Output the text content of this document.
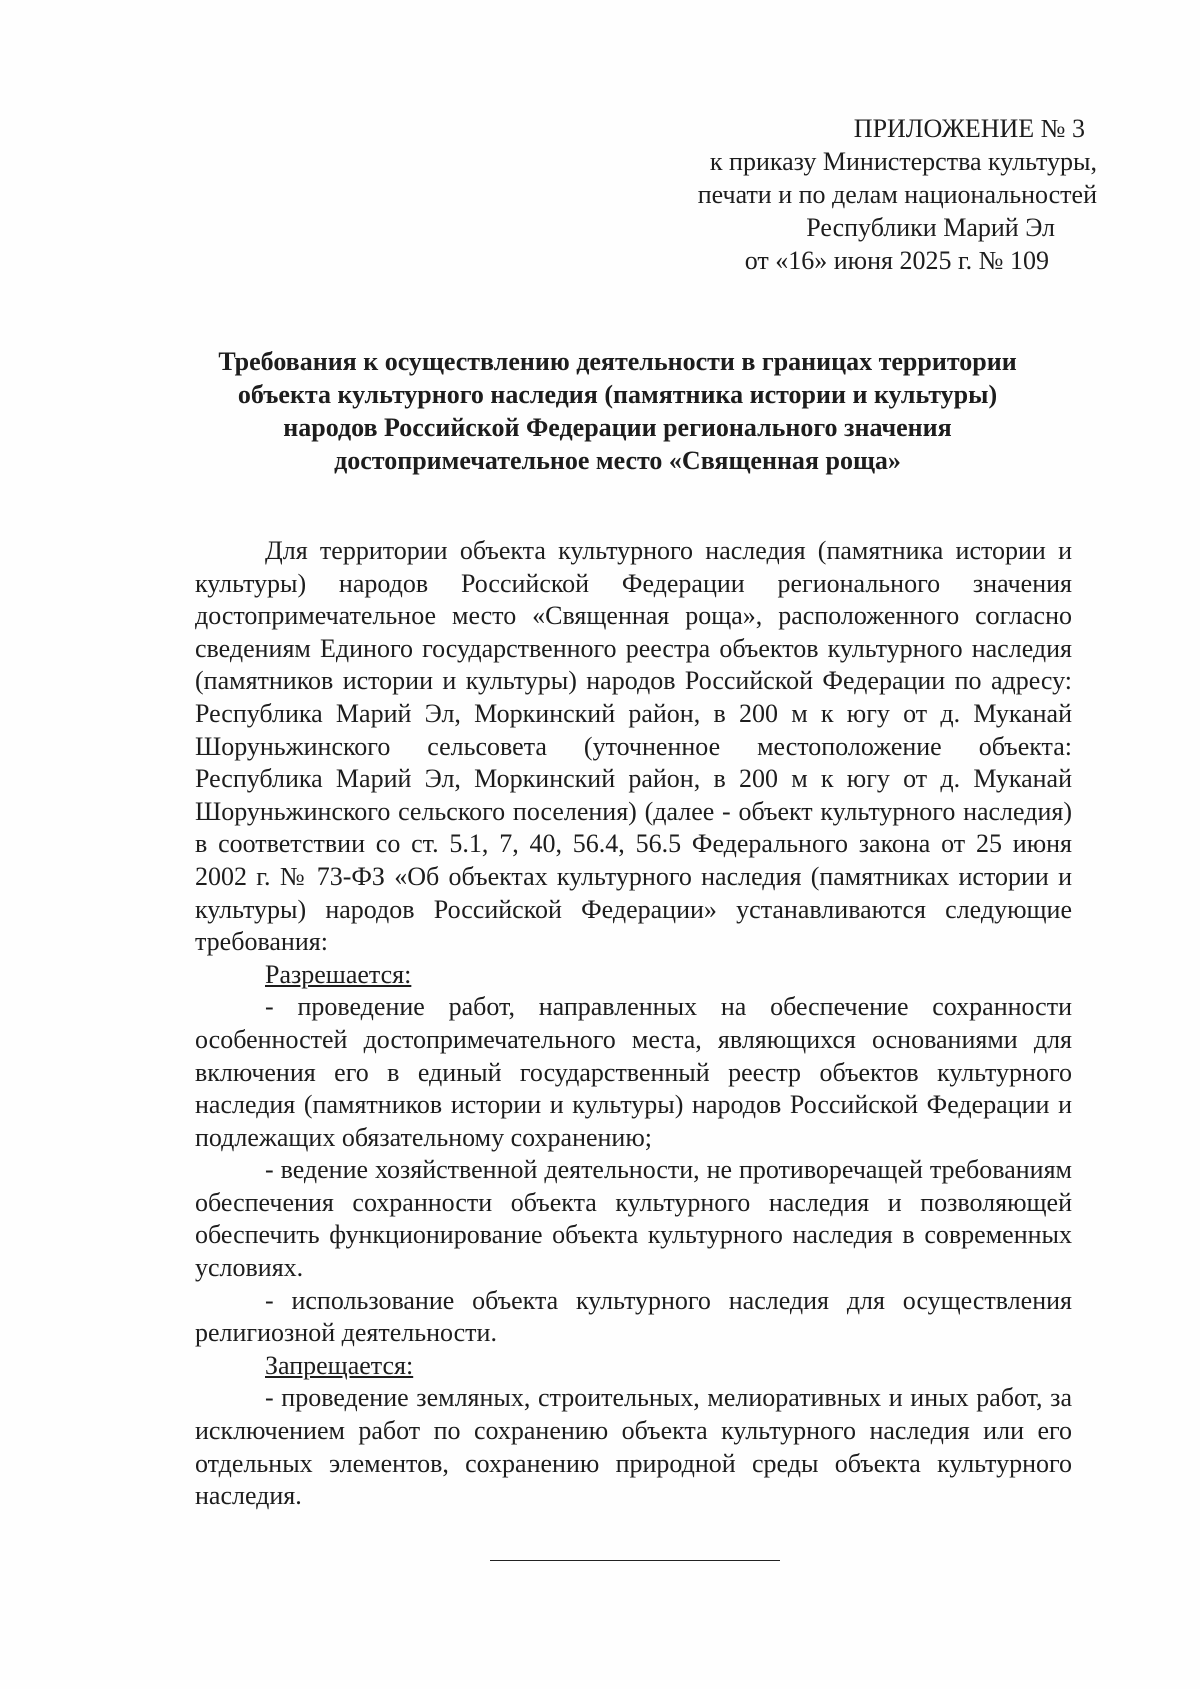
ПРИЛОЖЕНИЕ № 3
к приказу Министерства культуры,
печати и по делам национальностей
Республики Марий Эл
от «16» июня 2025 г. № 109
Требования к осуществлению деятельности в границах территории
объекта культурного наследия (памятника истории и культуры)
народов Российской Федерации регионального значения
достопримечательное место «Священная роща»

Для территории объекта культурного наследия (памятника истории и культуры) народов Российской Федерации регионального значения достопримечательное место «Священная роща», расположенного согласно сведениям Единого государственного реестра объектов культурного наследия (памятников истории и культуры) народов Российской Федерации по адресу: Республика Марий Эл, Моркинский район, в 200 м к югу от д. Муканай Шоруньжинского сельсовета (уточненное местоположение объекта: Республика Марий Эл, Моркинский район, в 200 м к югу от д. Муканай Шоруньжинского сельского поселения) (далее - объект культурного наследия) в соответствии со ст. 5.1, 7, 40, 56.4, 56.5 Федерального закона от 25 июня 2002 г. № 73-ФЗ «Об объектах культурного наследия (памятниках истории и культуры) народов Российской Федерации» устанавливаются следующие требования:

Разрешается:

- проведение работ, направленных на обеспечение сохранности особенностей достопримечательного места, являющихся основаниями для включения его в единый государственный реестр объектов культурного наследия (памятников истории и культуры) народов Российской Федерации и подлежащих обязательному сохранению;

- ведение хозяйственной деятельности, не противоречащей требованиям обеспечения сохранности объекта культурного наследия и позволяющей обеспечить функционирование объекта культурного наследия в современных условиях.

- использование объекта культурного наследия для осуществления религиозной деятельности.

Запрещается:

- проведение земляных, строительных, мелиоративных и иных работ, за исключением работ по сохранению объекта культурного наследия или его отдельных элементов, сохранению природной среды объекта культурного наследия.
